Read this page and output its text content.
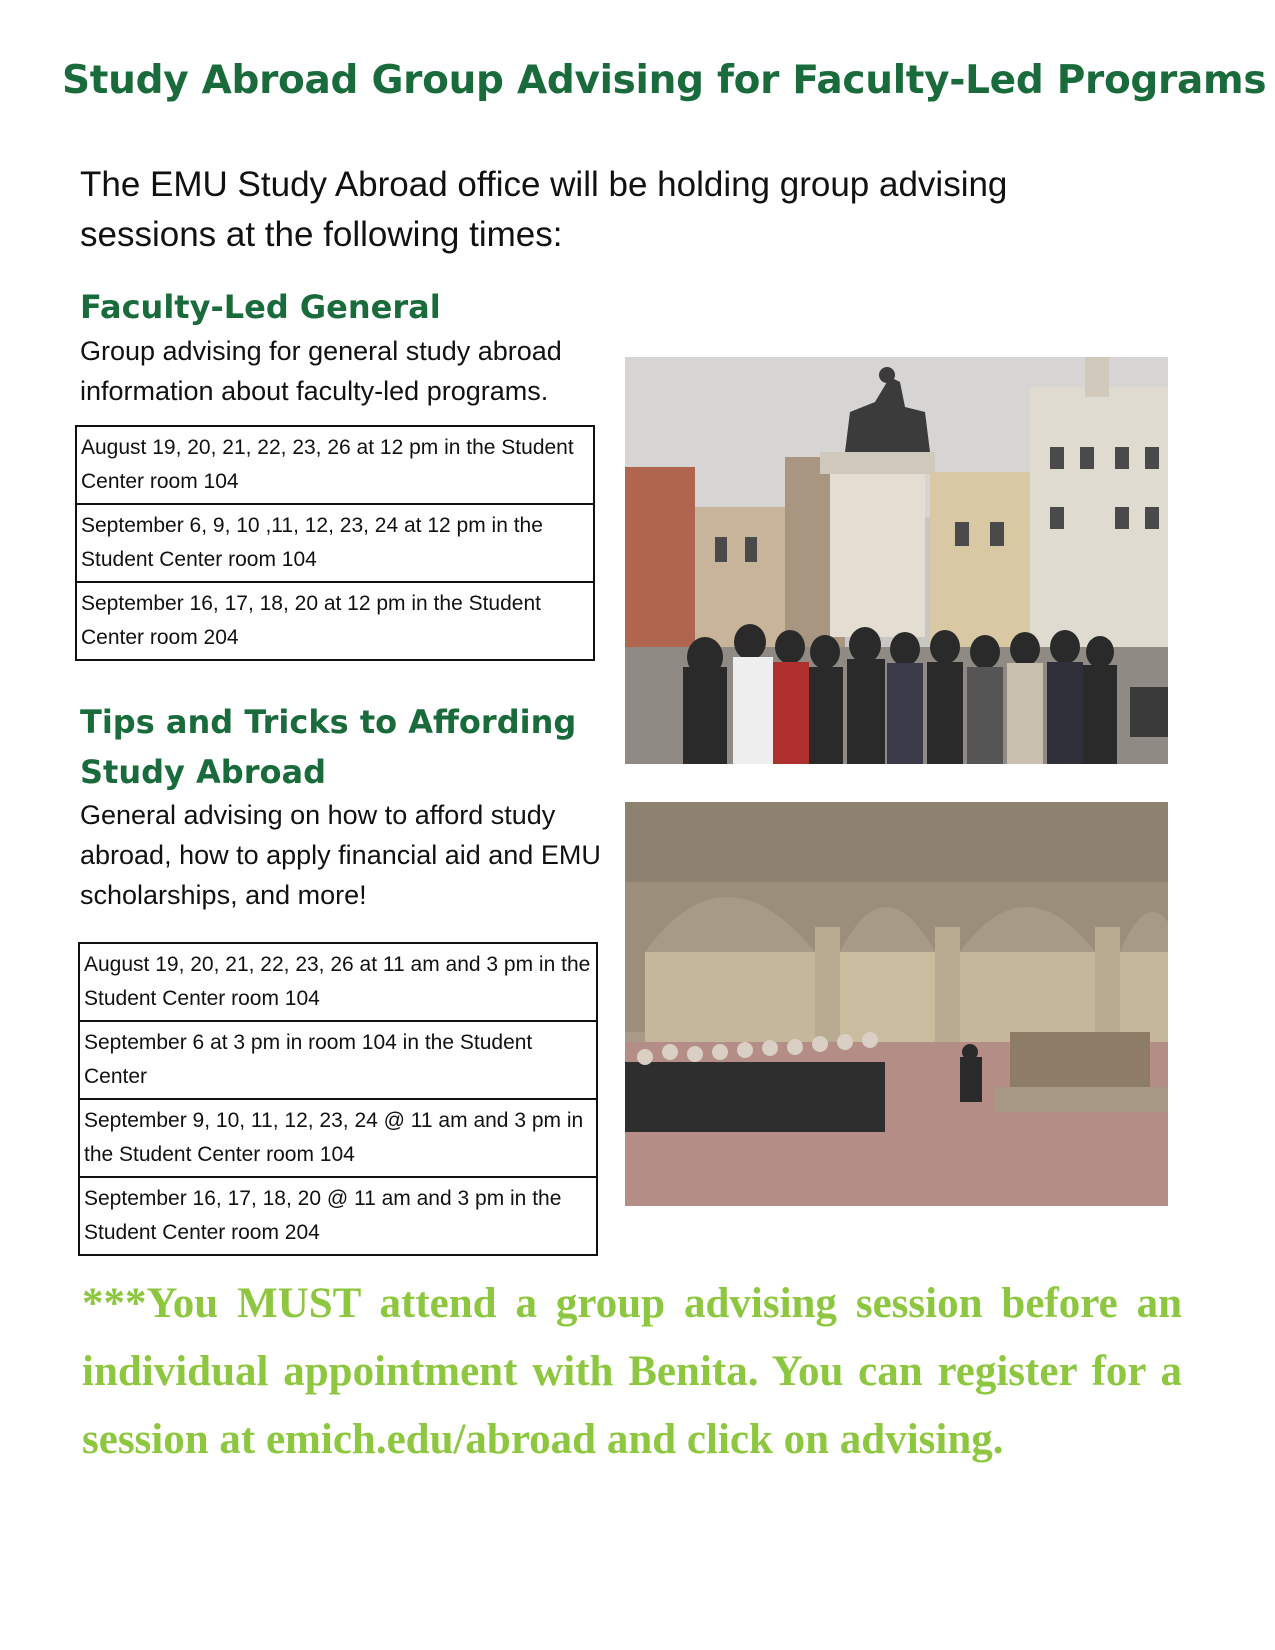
Study Abroad Group Advising for Faculty-Led Programs
The EMU Study Abroad office will be holding group advising sessions at the following times:
Faculty-Led General
Group advising for general study abroad information about faculty-led programs.
August 19, 20, 21, 22, 23, 26 at 12 pm in the Student Center room 104
September 6, 9, 10 ,11, 12, 23, 24 at 12 pm in the Student Center room 104
September 16, 17, 18, 20 at 12 pm in the Student Center room 204
Tips and Tricks to Affording Study Abroad
General advising on how to afford study abroad, how to apply financial aid and EMU scholarships, and more!
August 19, 20, 21, 22, 23, 26 at 11 am and 3 pm in the Student Center room 104
September 6 at 3 pm in room 104 in the Student Center
September 9, 10, 11, 12, 23, 24 @ 11 am and 3 pm in the Student Center room 104
September 16, 17, 18, 20 @ 11 am and 3 pm in the Student Center room 204
***You MUST attend a group advising session before an individual appointment with Benita. You can register for a session at emich.edu/abroad and click on advising.
